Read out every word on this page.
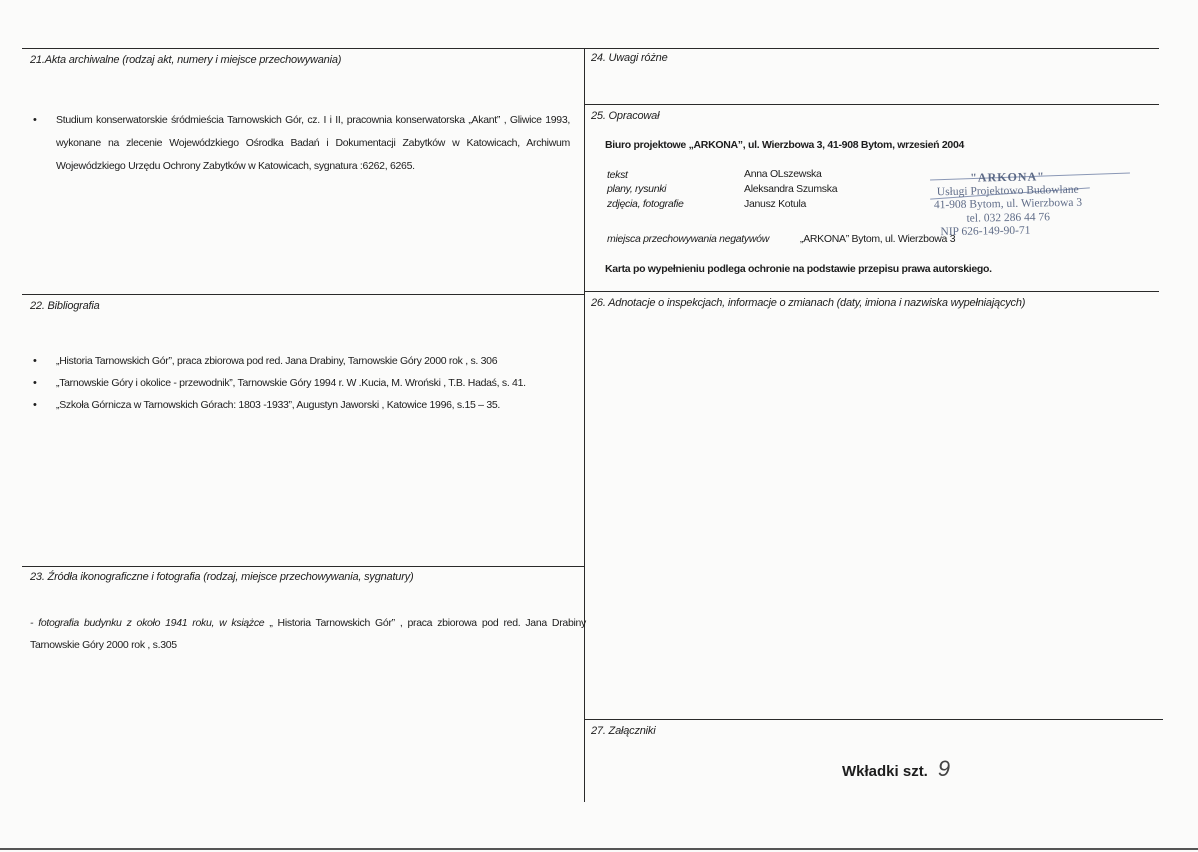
21.Akta archiwalne (rodzaj akt, numery i miejsce przechowywania)
• Studium konserwatorskie śródmieścia Tarnowskich Gór, cz. I i II, pracownia konserwatorska „Akant” , Gliwice 1993, wykonane na zlecenie Wojewódzkiego Ośrodka Badań i Dokumentacji Zabytków w Katowicach, Archiwum Wojewódzkiego Urzędu Ochrony Zabytków w Katowicach, sygnatura :6262, 6265.
22. Bibliografia
• „Historia Tarnowskich Gór”, praca zbiorowa pod red. Jana Drabiny, Tarnowskie Góry 2000 rok , s. 306
• „Tarnowskie Góry i okolice - przewodnik”, Tarnowskie Góry 1994 r. W .Kucia, M. Wroński , T.B. Hadaś, s. 41.
• „Szkoła Górnicza w Tarnowskich Górach: 1803 -1933”, Augustyn Jaworski , Katowice 1996, s.15 – 35.
23. Źródła ikonograficzne i fotografia (rodzaj, miejsce przechowywania, sygnatury)
- fotografia budynku z około 1941 roku, w książce „ Historia Tarnowskich Gór” , praca zbiorowa pod red. Jana Drabiny Tarnowskie Góry 2000 rok , s.305
24. Uwagi różne
25. Opracował
Biuro projektowe „ARKONA”, ul. Wierzbowa 3, 41-908 Bytom, wrzesień 2004
tekst	Anna OLszewska
plany, rysunki	Aleksandra Szumska
zdjęcia, fotografie	Janusz Kotula
miejsca przechowywania negatywów	„ARKONA” Bytom, ul. Wierzbowa 3
Karta po wypełnieniu podlega ochronie na podstawie przepisu prawa autorskiego.
"ARKONA"
Usługi Projektowo Budowlane
41-908 Bytom, ul. Wierzbowa 3
tel. 032 286 44 76
NIP 626-149-90-71
26. Adnotacje o inspekcjach, informacje o zmianach (daty, imiona i nazwiska wypełniających)
27. Załączniki
Wkładki szt. 9
